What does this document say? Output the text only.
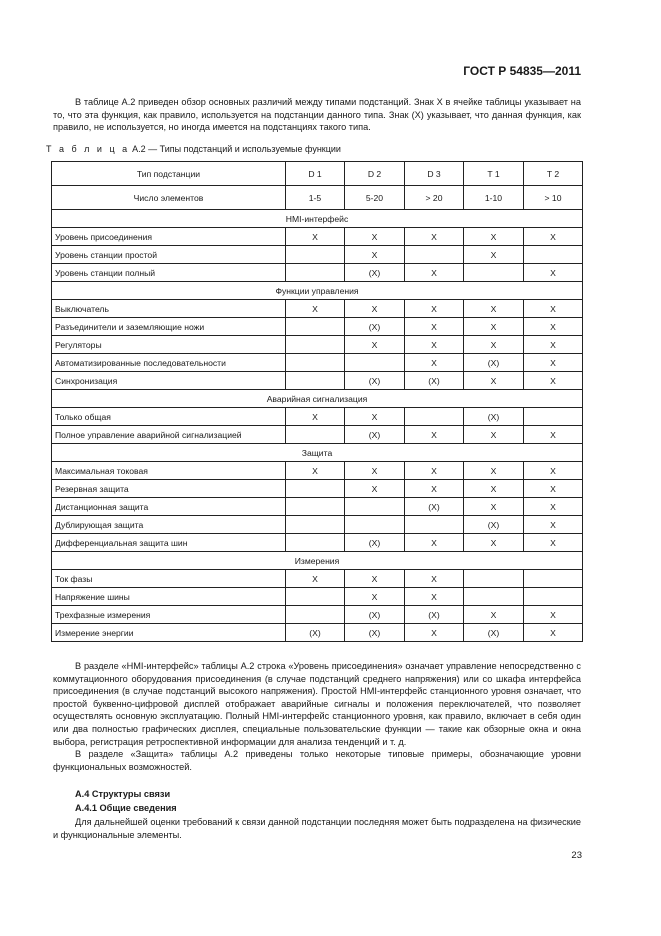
ГОСТ Р 54835—2011

В таблице А.2 приведен обзор основных различий между типами подстанций. Знак X в ячейке таблицы указывает на то, что эта функция, как правило, используется на подстанции данного типа. Знак (X) указывает, что данная функция, как правило, не используется, но иногда имеется на подстанциях такого типа.

Т а б л и ц а А.2 — Типы подстанций и используемые функции
Тип подстанции	D 1	D 2	D 3	T 1	T 2
Число элементов	1-5	5-20	> 20	1-10	> 10
HMI-интерфейс					
Уровень присоединения	X	X	X	X	X
Уровень станции простой		X		X	
Уровень станции полный		(X)	X		X
Функции управления					
Выключатель	X	X	X	X	X
Разъединители и заземляющие ножи		(X)	X	X	X
Регуляторы		X	X	X	X
Автоматизированные последовательности			X	(X)	X
Синхронизация		(X)	(X)	X	X
Аварийная сигнализация					
Только общая	X	X		(X)	
Полное управление аварийной сигнализацией		(X)	X	X	X
Защита					
Максимальная токовая	X	X	X	X	X
Резервная защита		X	X	X	X
Дистанционная защита			(X)	X	X
Дублирующая защита				(X)	X
Дифференциальная защита шин		(X)	X	X	X
Измерения					
Ток фазы	X	X	X		
Напряжение шины		X	X		
Трехфазные измерения		(X)	(X)	X	X
Измерение энергии	(X)	(X)	X	(X)	X

В разделе «HMI-интерфейс» таблицы А.2 строка «Уровень присоединения» означает управление непосредственно с коммутационного оборудования присоединения (в случае подстанций среднего напряжения) или со шкафа интерфейса присоединения (в случае подстанций высокого напряжения). Простой HMI-интерфейс станционного уровня означает, что простой буквенно-цифровой дисплей отображает аварийные сигналы и положения переключателей, что позволяет осуществлять основную эксплуатацию. Полный HMI-интерфейс станционного уровня, как правило, включает в себя один или два полностью графических дисплея, специальные пользовательские функции — такие как обзорные окна и окна выбора, регистрация ретроспективной информации для анализа тенденций и т. д.

В разделе «Защита» таблицы А.2 приведены только некоторые типовые примеры, обозначающие уровни функциональных возможностей.

А.4 Структуры связи
А.4.1 Общие сведения

Для дальнейшей оценки требований к связи данной подстанции последняя может быть подразделена на физические и функциональные элементы.

23
